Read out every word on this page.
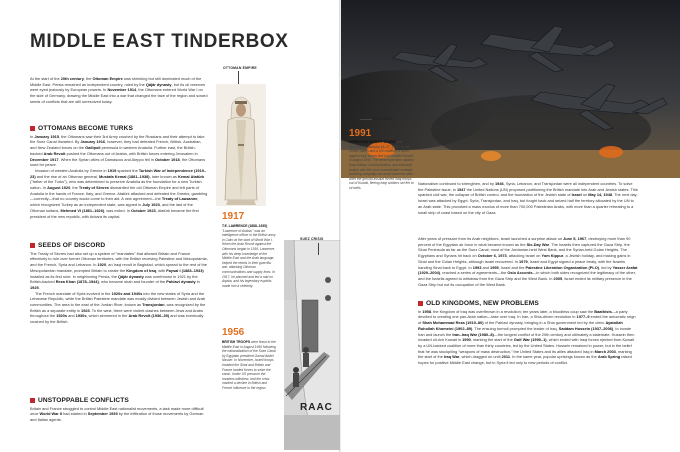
MIDDLE EAST TINDERBOX
At the start of the 20th century, the Ottoman Empire was shrinking but still dominated much of the Middle East. Persia remained an independent country, ruled by the Qājār dynasty, but its oil reserves were eyed jealously by European powers. In November 1914, the Ottomans entered World War I on the side of Germany, drawing the Middle East into a war that changed the face of the region and sowed seeds of conflicts that are still unresolved today.
OTTOMANS BECOME TURKS

In January 1915, the Ottomans saw their 3rd Army crushed by the Russians and their attempt to take the Suez Canal thwarted. By January 1916, however, they had defeated French, British, Australian, and New Zealand forces on the Gallipoli peninsula in western Anatolia. Further east, the British-backed Arab Revolt pushed the Ottomans out of Arabia, with British forces entering Jerusalem in December 1917. When the Syrian cities of Damascus and Aleppo fell in October 1918, the Ottomans sued for peace.

Invasion of western Anatolia by Greece in 1919 sparked the Turkish War of Independence (1919–23) and the rise of an Ottoman general, Mustafa Kemal (1881–1938), later known as Kemal Atatürk ("father of the Turks"), who was determined to preserve Anatolia as the foundation for a new Turkish nation. In August 1920, the Treaty of Sèvres dismantled the old Ottoman Empire and left parts of Anatolia in the hands of France, Italy, and Greece. Atatürk attacked and defeated the Greeks, gambling—correctly—that no country would come to their aid. A new agreement—the Treaty of Lausanne, which recognized Turkey as an independent state, was signed in July 1923, and the last of the Ottoman sultans, Mehmed VI (1861–1926), was exiled. In October 1923, Atatürk became the first president of the new republic, with Ankara its capital.

SEEDS OF DISCORD

The Treaty of Sèvres had also set up a system of "mandates" that allowed Britain and France effectively to rule over former Ottoman territories, with the British receiving Palestine and Mesopotamia, and the French, Syria and Lebanon. In 1920, an Iraqi revolt in Baghdad, which spread to the rest of the Mesopotamian mandate, prompted Britain to create the Kingdom of Iraq, with Faysal I (1883–1933) installed as its first ruler. In neighboring Persia, the Qājār dynasty was overthrown in 1921 by the British-backed Reza Khan (1878–1944), who became shah and founder of the Pahlavi dynasty in 1925.

The French mandate of Syria evolved in the 1920s and 1940s into the new states of Syria and the Lebanese Republic, while the British Palestine mandate was mostly divided between Jewish and Arab communities. The area to the east of the Jordan River, known as Transjordan, was recognized by the British as a separate entity in 1923. To the west, there were violent clashes between Jews and Arabs throughout the 1920s and 1930s, which simmered in the Arab Revolt (1936–39) and was eventually crushed by the British.

UNSTOPPABLE CONFLICTS

Britain and France struggled to control Middle East nationalist movements, a task made more difficult once World War II had started in September 1939 by the infiltration of those movements by German and Italian agents.

OTTOMAN EMPIRE
1917
T.E. LAWRENCE (1888–1935), "Lawrence of Arabia," was an intelligence officer in the British army in Cairo at the start of World War I. When the Arab Revolt against the Ottomans began in 1916, Lawrence, with his deep knowledge of the Middle East and the Arab language, helped the rebels in their guerrilla war, attacking Ottoman communications and supply lines. In 1917, he planned and led a raid on Aqaba, and his legendary exploits made him a celebrity.
RAAC
1956
BRITISH TROOPS were flown to the Middle East in August 1956 following the nationalization of the Suez Canal by Egyptian president Gamal Abdel Nasser. In November, Israeli troops invaded the Sinai and Britain and France landed forces to seize the canal. Under US pressure the invaders withdrew, and the crisis marked a decline in British and French influence in the region.
SUEZ CRISIS
1991
OPERATION DESERT STORM was launched on January 16–17, 1991, by the United States and a UN coalition of allies against Iraqi forces that had invaded Kuwait in August 1990. The aerial operation against Iraqi military, communication, and industrial targets was the most concentrated strategic bombing campaign the world had ever seen. After the ground assault forced Iraqi troops out of Kuwait, fleeing Iraqi soldiers set fire to oil wells.
GULF WAR

Nationalism continued to strengthen, and by 1946, Syria, Lebanon, and Transjordan were all independent countries. To solve the Palestine issue, in 1947 the United Nations (UN) proposed partitioning the British mandate into Arab and Jewish states. This sparked civil war, the collapse of British control, and the foundation of the Jewish state of Israel on May 14, 1948. The next day, Israel was attacked by Egypt, Syria, Transjordan, and Iraq, but fought back and seized half the territory allocated by the UN to an Arab state. This provoked a mass exodus of more than 700,000 Palestinian Arabs, with more than a quarter retreating to a small strip of coast based on the city of Gaza.

After years of pressure from its Arab neighbors, Israel launched a surprise attack on June 5, 1967, destroying more than 90 percent of the Egyptian air force in what became known as the Six-Day War. The Israelis then captured the Gaza Strip, the Sinai Peninsula as far as the Suez Canal, most of the Jordanian-held West Bank, and the Syrian-held Golan Heights. The Egyptians and Syrians hit back on October 6, 1973, attacking Israel on Yom Kippur, a Jewish holiday, and making gains in Sinai and the Golan Heights, although Israel recovered. In 1979, Israel and Egypt signed a peace treaty, with the Israelis handing Sinai back to Egypt. In 1993 and 1995, Israel and the Palestine Liberation Organization (PLO), led by Yasser Arafat (1929–2004), reached a series of agreements—the Oslo Accords—in which both sides recognized the legitimacy of the other, and the Israelis agreed to withdraw from the Gaza Strip and the West Bank. In 2005, Israel ended its military presence in the Gaza Strip but not its occupation of the West Bank.

OLD KINGDOMS, NEW PROBLEMS

In 1958, the Kingdom of Iraq was overthrown in a revolution; ten years later, a bloodless coup saw the Baathists—a party devoted to creating one pan-Arab nation—take over Iraq. In Iran, a Shia-driven revolution in 1977–9 ended the autocratic reign of Shah Mohammad Reza (1919–80) of the Pahlavi dynasty, bringing in a Shia government led by the cleric Ayatollah Ruhollah Khomeini (1902–89). The ensuing turmoil prompted the leader of Iraq, Saddam Hussein (1937–2006), to invade Iran and launch the Iran–Iraq War (1980–8)—the longest conflict of the 20th century and ultimately a stalemate. Hussein then invaded oil-rich Kuwait in 1990, marking the start of the Gulf War (1990–1), which ended with Iraqi forces ejected from Kuwait by a UN-backed coalition of more than thirty countries, led by the United States. Hussein remained in power, but in the belief that he was stockpiling "weapons of mass destruction," the United States and its allies attacked Iraq in March 2003, marking the start of the Iraq War, which dragged on until 2011. In the same year, popular uprisings known as the Arab Spring raised hopes for positive Middle East change, but in Syria it led only to new periods of conflict.
